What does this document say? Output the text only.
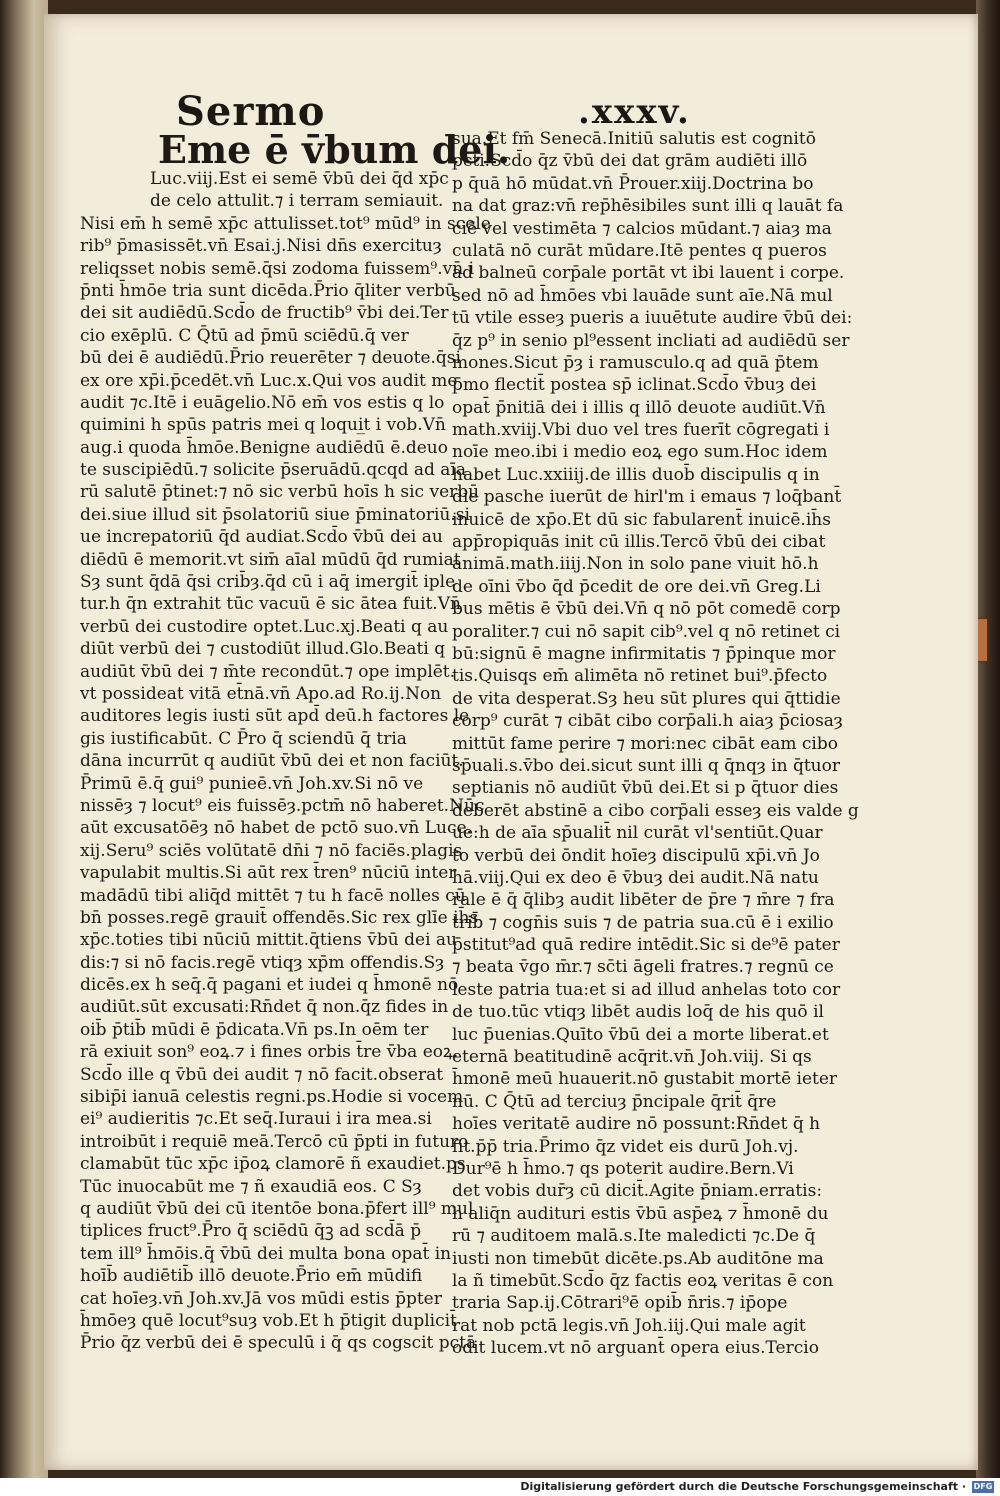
Sermo	.xxxv.
Eme ē v̄bum dei.
Luc.viij.Est ei semē v̄bū dei q̄d xp̄c
de celo attulit.⁊ i terram semiauit.
Nisi em̄ h semē xp̄c attulisset.tot⁹ mūd⁹ in scele
rib⁹ p̄masissēt.vn̄ Esai.j.Nisi dn̄s exercituȝ
reliqsset nobis semē.q̄si zodoma fuissem⁹.vn̄ i
p̄nti h̄mōe tria sunt dicēda.P̄rio q̄liter verbū
dei sit audiēdū.Scd̄o de fructib⁹ v̄bi dei.Ter
cio exēplū. C Q̄tū ad p̄mū sciēdū.q̄ ver
bū dei ē audiēdū.P̄rio reuerēter ⁊ deuote.q̄si
ex ore xp̄i.p̄cedēt.vn̄ Luc.x.Qui vos audit me
audit ⁊c.Itē i euāgelio.Nō em̄ vos estis q lo
quimini h spūs patris mei q loqui̲t i vob.Vn̄
aug.i quoda h̄mōe.Benigne audiēdū ē.deuo
te suscipiēdū.⁊ solicite p̄seruādū.qcqd ad aīa
rū salutē p̄tinet:⁊ nō sic verbū hoīs h sic verbū
dei.siue illud sit p̄solatoriū siue p̄minatoriū.si
ue increpatoriū q̄d audiat.Scd̄o v̄bū dei au
diēdū ē memorit.vt sim̄ aīal mūdū q̄d rumiat
Sȝ sunt q̄dā q̄si crib̄ȝ.q̄d cū i aq̄ imergit̄ iple
tur.h q̄n extrahit tūc vacuū ē sic ātea fuit.Vn̄
verbū dei custodire optet.Luc.xj.Beati q au
diūt verbū dei ⁊ custodiūt illud.Glo.Beati q
audiūt v̄bū dei ⁊ m̄te recondūt.⁊ ope implēt.
vt possideat vitā et̄nā.vn̄ Apo.ad Ro.ij.Non
auditores legis iusti sūt apd̄ deū.h factores le
gis iustificabūt. C P̄ro q̄ sciendū q̄ tria
dāna incurrūt q audiūt v̄bū dei et non faciūt.
P̄rimū ē.q̄ gui⁹ punieē.vn̄ Joh.xv.Si nō ve
nissēȝ ⁊ locut⁹ eis fuissēȝ.pctm̄ nō haberet.Nūc
aūt excusatōēȝ nō habet de pctō suo.vn̄ Luce.
xij.Seru⁹ sciēs volūtatē dn̄i ⁊ nō faciēs.plagis
vapulabit multis.Si aūt rex t̄ren⁹ nūciū inter
madādū tibi aliq̄d mittēt ⁊ tu h facē nolles cū
bn̄ posses.regē grauit̄ offendēs.Sic rex glīe ih̄s
xp̄c.toties tibi nūciū mittit.q̄tiens v̄bū dei au
dis:⁊ si nō facis.regē vtiqȝ xp̄m offendis.Sȝ
dicēs.ex h seq̄.q̄ pagani et iudei q h̄monē nō
audiūt.sūt excusati:Rn̄det q̄ non.q̄z fides in
oib̄ p̄tib̄ mūdi ē p̄dicata.Vn̄ ps.In oēm ter
rā exiuit son⁹ eoꝝ.⁊ i fines orbis t̄re v̄ba eoꝝ.
Scd̄o ille q v̄bū dei audit ⁊ nō facit.obserat
sibip̄i ianuā celestis regni.ps.Hodie si vocem
ei⁹ audieritis ⁊c.Et seq̄.Iuraui i ira mea.si
introibūt i requiē meā.Tercō cū p̄pti in futuro
clamabūt tūc xp̄c ip̄oꝝ clamorē ñ exaudiet.ps
Tūc inuocabūt me ⁊ ñ exaudiā eos. C Sȝ
q audiūt v̄bū dei cū itentōe bona.p̄fert ill⁹ mul
tiplices fruct⁹.P̄ro q̄ sciēdū q̄ꝫ ad scd̄ā p̄
tem ill⁹ h̄mōis.q̄ v̄bū dei multa bona opat̄ in
hoīb̄ audiētib̄ illō deuote.P̄rio em̄ mūdifi
cat hoīeȝ.vn̄ Joh.xv.Jā vos mūdi estis p̄pter
h̄mōeȝ quē locut⁹suȝ vob.Et h p̄tigit duplicit̄
P̄rio q̄z verbū dei ē speculū i q̄ qs cogscit pctā
sua.Et fm̄ Senecā.Initiū salutis est cognitō
pcti.Scd̄o q̄z v̄bū dei dat grām audiēti illō
p q̄uā hō mūdat.vn̄ P̄rouer.xiij.Doctrina bo
na dat graz:vn̄ rep̄hēsibiles sunt illi q lauāt fa
ciē vel vestimēta ⁊ calcios mūdant.⁊ aiaȝ ma
culatā nō curāt mūdare.Itē pentes q pueros
ad balneū corp̄ale portāt vt ibi lauent i corpe.
sed nō ad h̄mōes vbi lauāde sunt aīe.Nā mul
tū vtile esseȝ pueris a iuuētute audire v̄bū dei:
q̄z p⁹ in senio pl⁹essent incliati ad audiēdū ser
mones.Sicut p̄ȝ i ramusculo.q ad quā p̄tem
p̄mo flectit̄ postea sp̄ iclinat.Scd̄o v̄buȝ dei
opat̄ p̄nitiā dei i illis q illō deuote audiūt.Vn̄
math.xviij.Vbi duo vel tres fuerīt cōgregati i
noīe meo.ibi i medio eoꝝ ego sum.Hoc idem
habet Luc.xxiiij.de illis duob̄ discipulis q in
die pasche iuerūt de hirl'm i emaus ⁊ loq̄bant̄
inuicē de xp̄o.Et dū sic fabularent̄ inuicē.ih̄s
app̄ropiquās init cū illis.Tercō v̄bū dei cibat
animā.math.iiij.Non in solo pane viuit hō.h
de oīni v̄bo q̄d p̄cedit de ore dei.vn̄ Greg.Li
bus mētis ē v̄bū dei.Vn̄ q nō pōt comedē corp
poraliter.⁊ cui nō sapit cib⁹.vel q nō retinet ci
bū:signū ē magne infirmitatis ⁊ p̄pinque mor
tis.Quisqs em̄ alimēta nō retinet bui⁹.p̄fecto
de vita desperat.Sȝ heu sūt plures qui q̄ttidie
corp⁹ curāt ⁊ cibāt cibo corp̄ali.h aiaȝ p̄ciosaȝ
mittūt fame perire ⁊ mori:nec cibāt eam cibo
sp̄uali.s.v̄bo dei.sicut sunt illi q q̄nqȝ in q̄tuor
septianis nō audiūt v̄bū dei.Et si p q̄tuor dies
deberēt abstinē a cibo corp̄ali esseȝ eis valde g
ue:h de aīa sp̄ualit̄ nil curāt vl'sentiūt.Quar
to verbū dei ōndit hoīeȝ discipulū xp̄i.vn̄ Jo
hā.viij.Qui ex deo ē v̄buȝ dei audit.Nā natu
rale ē q̄ q̄libȝ audit libēter de p̄re ⁊ m̄re ⁊ fra
trib̄ ⁊ cogn̄is suis ⁊ de patria sua.cū ē i exilio
p̄stitut⁹ad quā redire intēdit.Sic si de⁹ē pater
⁊ beata v̄go m̄r.⁊ sc̄ti āgeli fratres.⁊ regnū ce
leste patria tua:et si ad illud anhelas toto cor
de tuo.tūc vtiqȝ libēt audis loq̄ de his quō il
luc p̄uenias.Quīto v̄bū dei a morte liberat.et
eternā beatitudinē acq̄rit.vn̄ Joh.viij. Si qs
h̄monē meū huauerit.nō gustabit mortē ieter
nū. C Q̄tū ad terciuȝ p̄ncipale q̄rit̄ q̄re
hoīes veritatē audire nō possunt:Rn̄det q̄ h
fit.p̄p̄ tria.P̄rimo q̄z videt eis durū Joh.vj.
Dur⁹ē h h̄mo.⁊ qs poterit audire.Bern.Vi
det vobis dur̄ȝ cū dicit̄.Agite p̄niam.erratis:
h aliq̄n audituri estis v̄bū asp̄eꝝ ⁊ h̄monē du
rū ⁊ auditoem malā.s.Ite maledicti ⁊c.De q̄
iusti non timebūt dicēte.ps.Ab auditōne ma
la ñ timebūt.Scd̄o q̄z factis eoꝝ veritas ē con
traria Sap.ij.Cōtrari⁹ē opib̄ n̄ris.⁊ ip̄ope
rat nob pctā legis.vn̄ Joh.iij.Qui male agit
odit lucem.vt nō arguant̄ opera eius.Tercio
Digitalisierung gefördert durch die Deutsche Forschungsgemeinschaft · DFG
